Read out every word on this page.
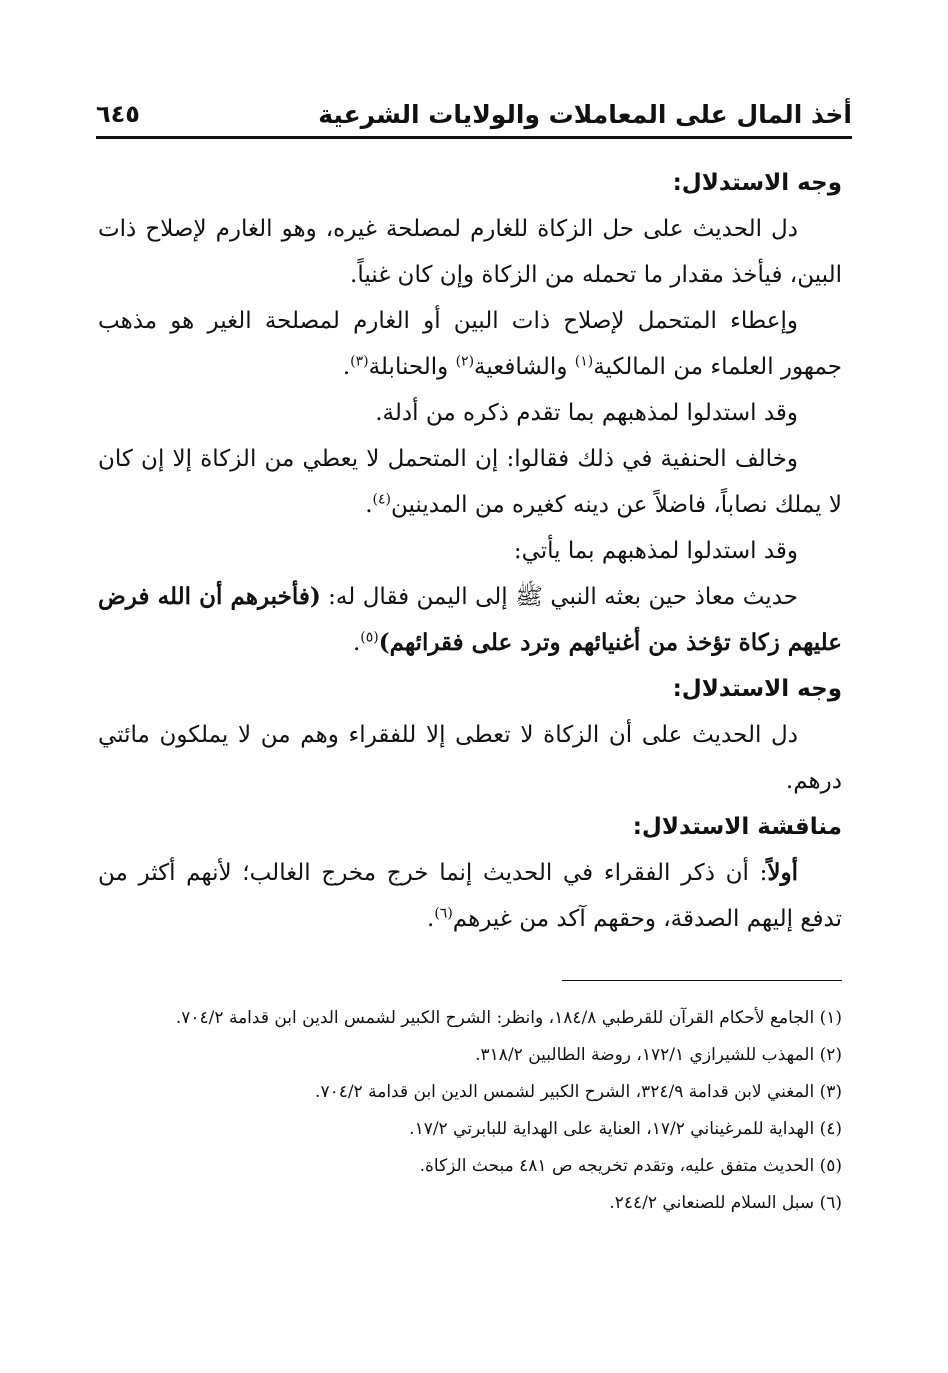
أخذ المال على المعاملات والولايات الشرعية
٦٤٥

وجه الاستدلال:

دل الحديث على حل الزكاة للغارم لمصلحة غيره، وهو الغارم لإصلاح ذات البين، فيأخذ مقدار ما تحمله من الزكاة وإن كان غنياً.

وإعطاء المتحمل لإصلاح ذات البين أو الغارم لمصلحة الغير هو مذهب جمهور العلماء من المالكية$^{(١)}$ والشافعية$^{(٢)}$ والحنابلة$^{(٣)}$.

وقد استدلوا لمذهبهم بما تقدم ذكره من أدلة.

وخالف الحنفية في ذلك فقالوا: إن المتحمل لا يعطي من الزكاة إلا إن كان لا يملك نصاباً، فاضلاً عن دينه كغيره من المدينين$^{(٤)}$.

وقد استدلوا لمذهبهم بما يأتي:

حديث معاذ حين بعثه النبي ﷺ إلى اليمن فقال له: (فأخبرهم أن الله فرض عليهم زكاة تؤخذ من أغنيائهم وترد على فقرائهم)$^{(٥)}$.

وجه الاستدلال:

دل الحديث على أن الزكاة لا تعطى إلا للفقراء وهم من لا يملكون مائتي درهم.

مناقشة الاستدلال:

أولاً: أن ذكر الفقراء في الحديث إنما خرج مخرج الغالب؛ لأنهم أكثر من تدفع إليهم الصدقة، وحقهم آكد من غيرهم$^{(٦)}$.

(١) الجامع لأحكام القرآن للقرطبي ١٨٤/٨، وانظر: الشرح الكبير لشمس الدين ابن قدامة ٧٠٤/٢.

(٢) المهذب للشيرازي ١٧٢/١، روضة الطالبين ٣١٨/٢.

(٣) المغني لابن قدامة ٣٢٤/٩، الشرح الكبير لشمس الدين ابن قدامة ٧٠٤/٢.

(٤) الهداية للمرغيناني ١٧/٢، العناية على الهداية للبابرتي ١٧/٢.

(٥) الحديث متفق عليه، وتقدم تخريجه ص ٤٨١ مبحث الزكاة.

(٦) سبل السلام للصنعاني ٢٤٤/٢.
